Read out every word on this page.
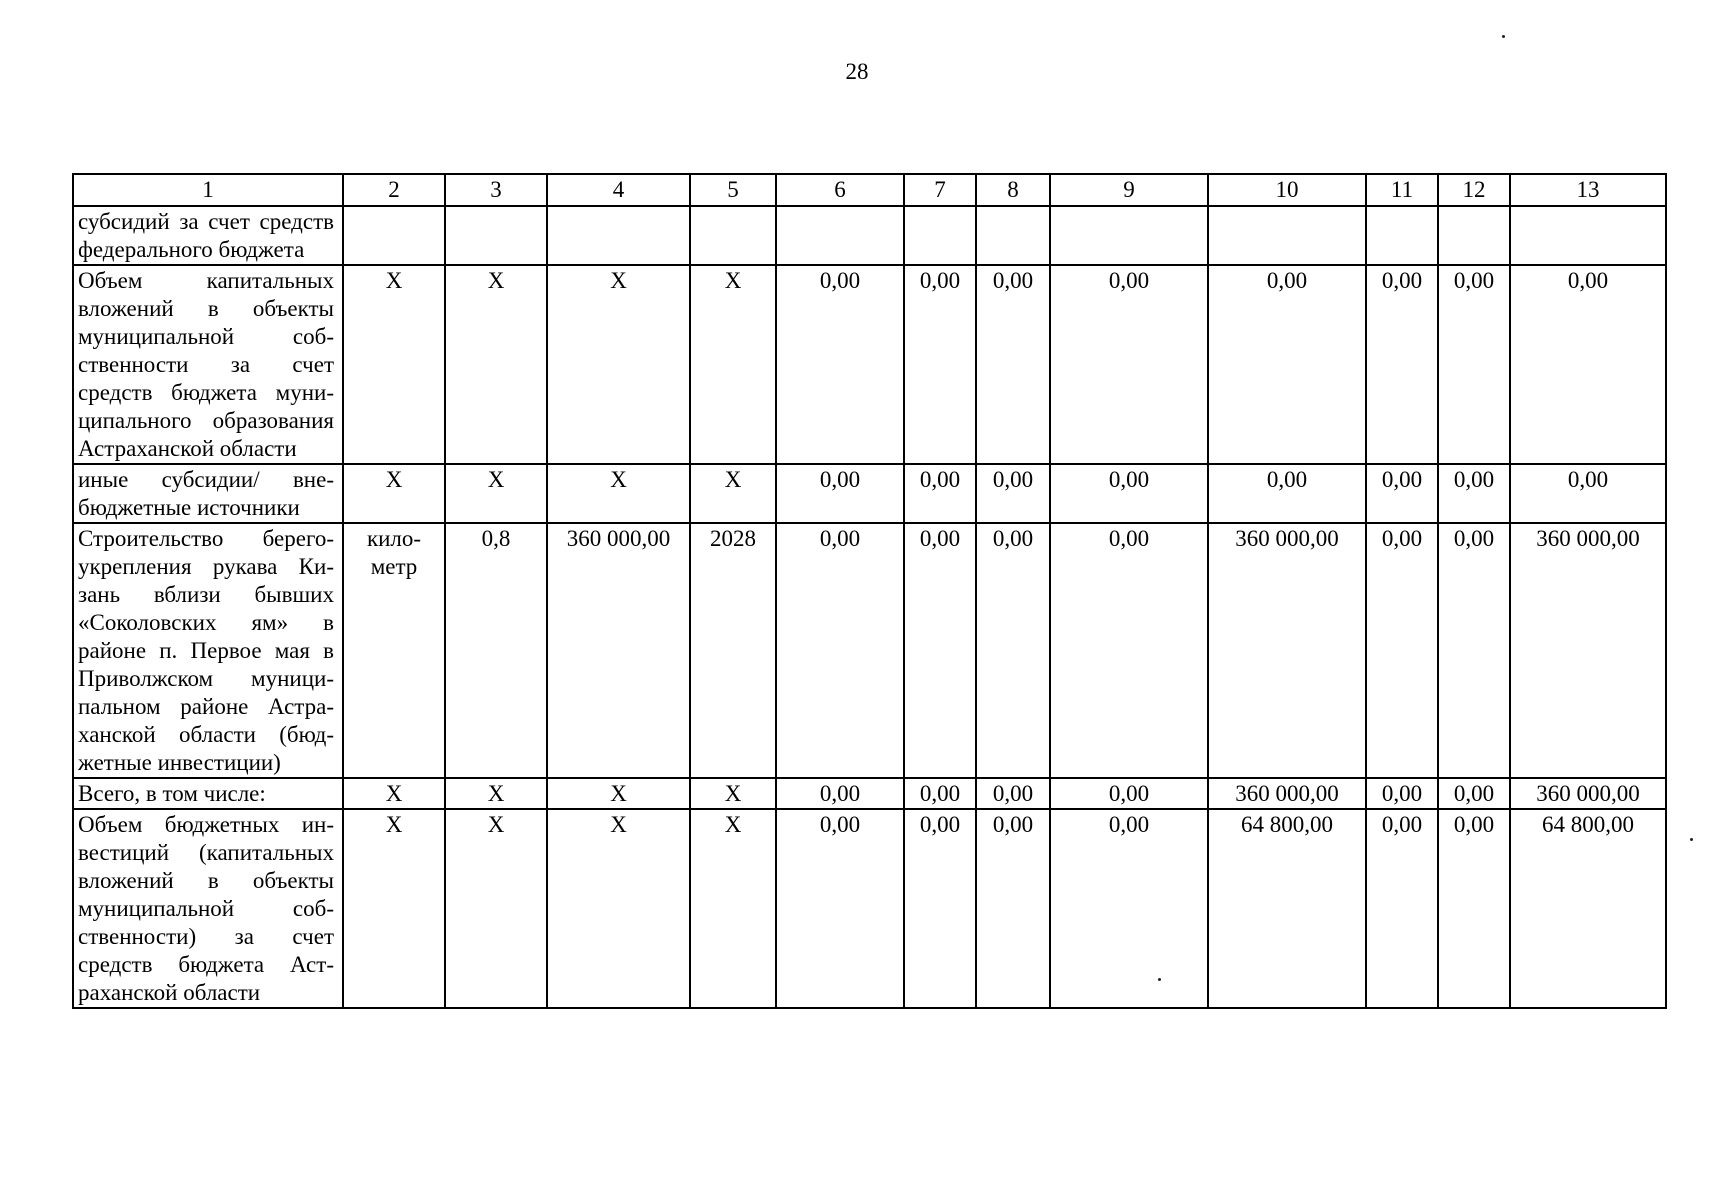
28
1	2	3	4	5	6	7	8	9	10	11	12	13
субсидий за счет средств федерального бюджета												
Объем капитальных вложений в объекты муниципальной собственности за счет средств бюджета муниципального образования Астраханской области	X	X	X	X	0,00	0,00	0,00	0,00	0,00	0,00	0,00	0,00
иные субсидии/ внебюджетные источники	X	X	X	X	0,00	0,00	0,00	0,00	0,00	0,00	0,00	0,00
Строительство берегоукрепления рукава Кизань вблизи бывших «Соколовских ям» в районе п. Первое мая в Приволжском муниципальном районе Астраханской области (бюджетные инвестиции)	кило-метр	0,8	360 000,00	2028	0,00	0,00	0,00	0,00	360 000,00	0,00	0,00	360 000,00
Всего, в том числе:	X	X	X	X	0,00	0,00	0,00	0,00	360 000,00	0,00	0,00	360 000,00
Объем бюджетных инвестиций (капитальных вложений в объекты муниципальной собственности) за счет средств бюджета Астраханской области	X	X	X	X	0,00	0,00	0,00	0,00	64 800,00	0,00	0,00	64 800,00
